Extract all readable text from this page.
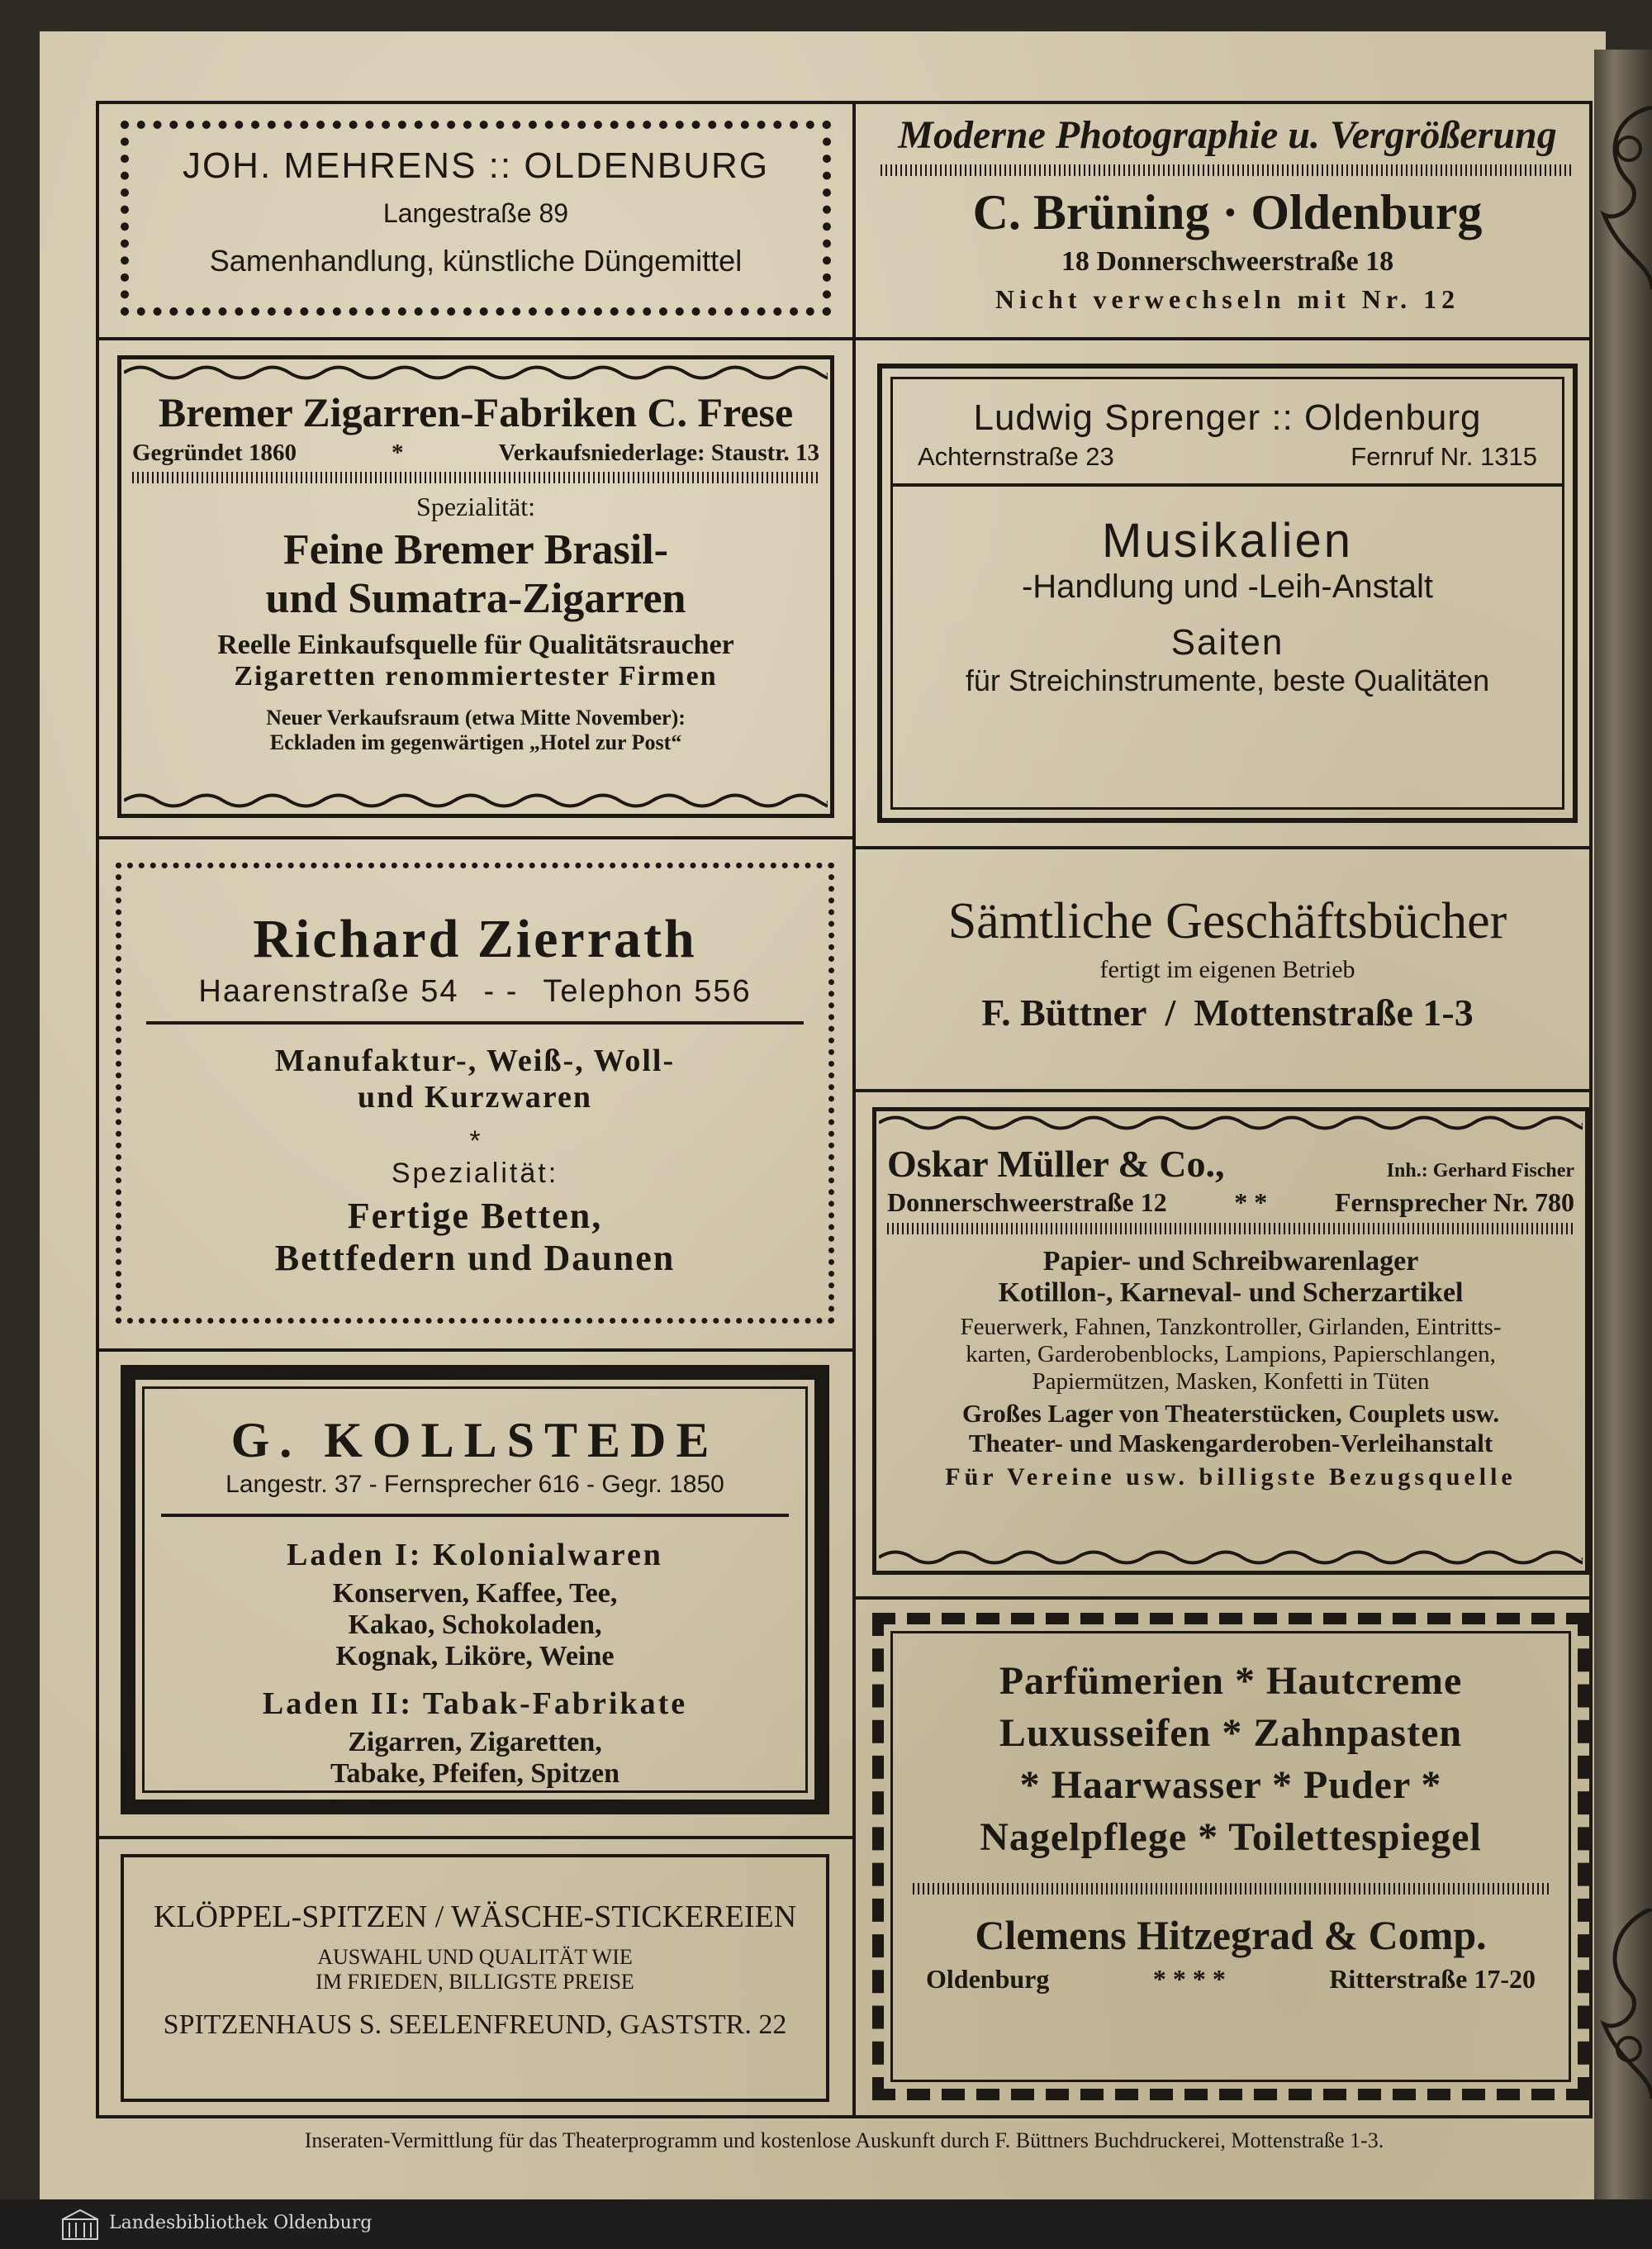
JOH. MEHRENS :: OLDENBURG
Langestraße 89
Samenhandlung, künstliche Düngemittel
Moderne Photographie u. Vergrößerung
C. Brüning · Oldenburg
18 Donnerschweerstraße 18
Nicht verwechseln mit Nr. 12
Bremer Zigarren-Fabriken C. Frese
Gegründet 1860	*	Verkaufsniederlage: Staustr. 13
Spezialität:
Feine Bremer Brasil-
und Sumatra-Zigarren
Reelle Einkaufsquelle für Qualitätsraucher
Zigaretten renommiertester Firmen
Neuer Verkaufsraum (etwa Mitte November):
Eckladen im gegenwärtigen „Hotel zur Post“
Ludwig Sprenger :: Oldenburg
Achternstraße 23	Fernruf Nr. 1315
Musikalien
-Handlung und -Leih-Anstalt
Saiten
für Streichinstrumente, beste Qualitäten
Richard Zierrath
Haarenstraße 54 - - Telephon 556
Manufaktur-, Weiß-, Woll-
und Kurzwaren
*
Spezialität:
Fertige Betten,
Bettfedern und Daunen
Sämtliche Geschäftsbücher
fertigt im eigenen Betrieb
F. Büttner / Mottenstraße 1-3
G. KOLLSTEDE
Langestr. 37 - Fernsprecher 616 - Gegr. 1850
Laden I: Kolonialwaren
Konserven, Kaffee, Tee,
Kakao, Schokoladen,
Kognak, Liköre, Weine
Laden II: Tabak-Fabrikate
Zigarren, Zigaretten,
Tabake, Pfeifen, Spitzen
Oskar Müller & Co.,	Inh.: Gerhard Fischer
Donnerschweerstraße 12	* *	Fernsprecher Nr. 780
Papier- und Schreibwarenlager
Kotillon-, Karneval- und Scherzartikel
Feuerwerk, Fahnen, Tanzkontroller, Girlanden, Eintritts-
karten, Garderobenblocks, Lampions, Papierschlangen,
Papiermützen, Masken, Konfetti in Tüten
Großes Lager von Theaterstücken, Couplets usw.
Theater- und Maskengarderoben-Verleihanstalt
Für Vereine usw. billigste Bezugsquelle
KLÖPPEL-SPITZEN / WÄSCHE-STICKEREIEN
AUSWAHL UND QUALITÄT WIE
IM FRIEDEN, BILLIGSTE PREISE
SPITZENHAUS S. SEELENFREUND, GASTSTR. 22
Parfümerien * Hautcreme
Luxusseifen * Zahnpasten
* Haarwasser * Puder *
Nagelpflege * Toilettespiegel
Clemens Hitzegrad & Comp.
Oldenburg	* * * *	Ritterstraße 17-20
Inseraten-Vermittlung für das Theaterprogramm und kostenlose Auskunft durch F. Büttners Buchdruckerei, Mottenstraße 1-3.
Landesbibliothek Oldenburg
